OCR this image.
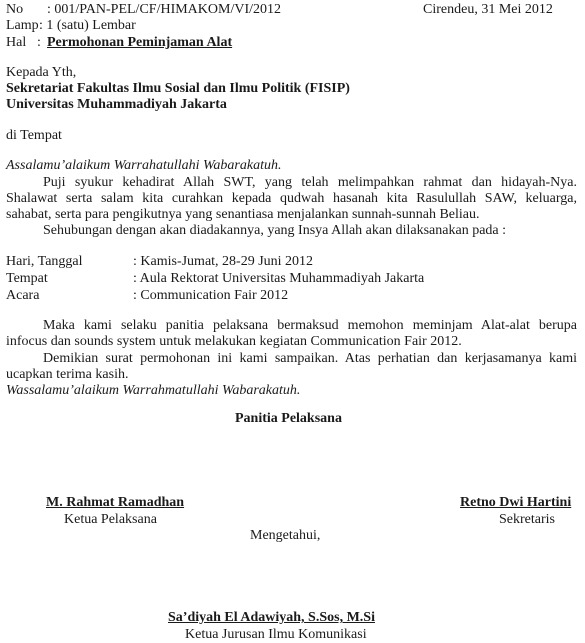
No : 001/PAN-PEL/CF/HIMAKOM/VI/2012	Cirendeu, 31 Mei 2012
Lamp : 1 (satu) Lembar
Hal : Permohonan Peminjaman Alat
Kepada Yth,
Sekretariat Fakultas Ilmu Sosial dan Ilmu Politik (FISIP)
Universitas Muhammadiyah Jakarta
di Tempat
Assalamu’alaikum Warrahatullahi Wabarakatuh.
Puji syukur kehadirat Allah SWT, yang telah melimpahkan rahmat dan hidayah-Nya.
Shalawat serta salam kita curahkan kepada qudwah hasanah kita Rasulullah SAW, keluarga,
sahabat, serta para pengikutnya yang senantiasa menjalankan sunnah-sunnah Beliau.
Sehubungan dengan akan diadakannya, yang Insya Allah akan dilaksanakan pada :
Hari, Tanggal	: Kamis-Jumat, 28-29 Juni 2012
Tempat	: Aula Rektorat Universitas Muhammadiyah Jakarta
Acara	: Communication Fair 2012
Maka kami selaku panitia pelaksana bermaksud memohon meminjam Alat-alat berupa
infocus dan sounds system untuk melakukan kegiatan Communication Fair 2012.
Demikian surat permohonan ini kami sampaikan. Atas perhatian dan kerjasamanya kami
ucapkan terima kasih.
Wassalamu’alaikum Warrahmatullahi Wabarakatuh.
Panitia Pelaksana
M. Rahmat Ramadhan
Ketua Pelaksana
Retno Dwi Hartini
Sekretaris
Mengetahui,
Sa’diyah El Adawiyah, S.Sos, M.Si
Ketua Jurusan Ilmu Komunikasi
